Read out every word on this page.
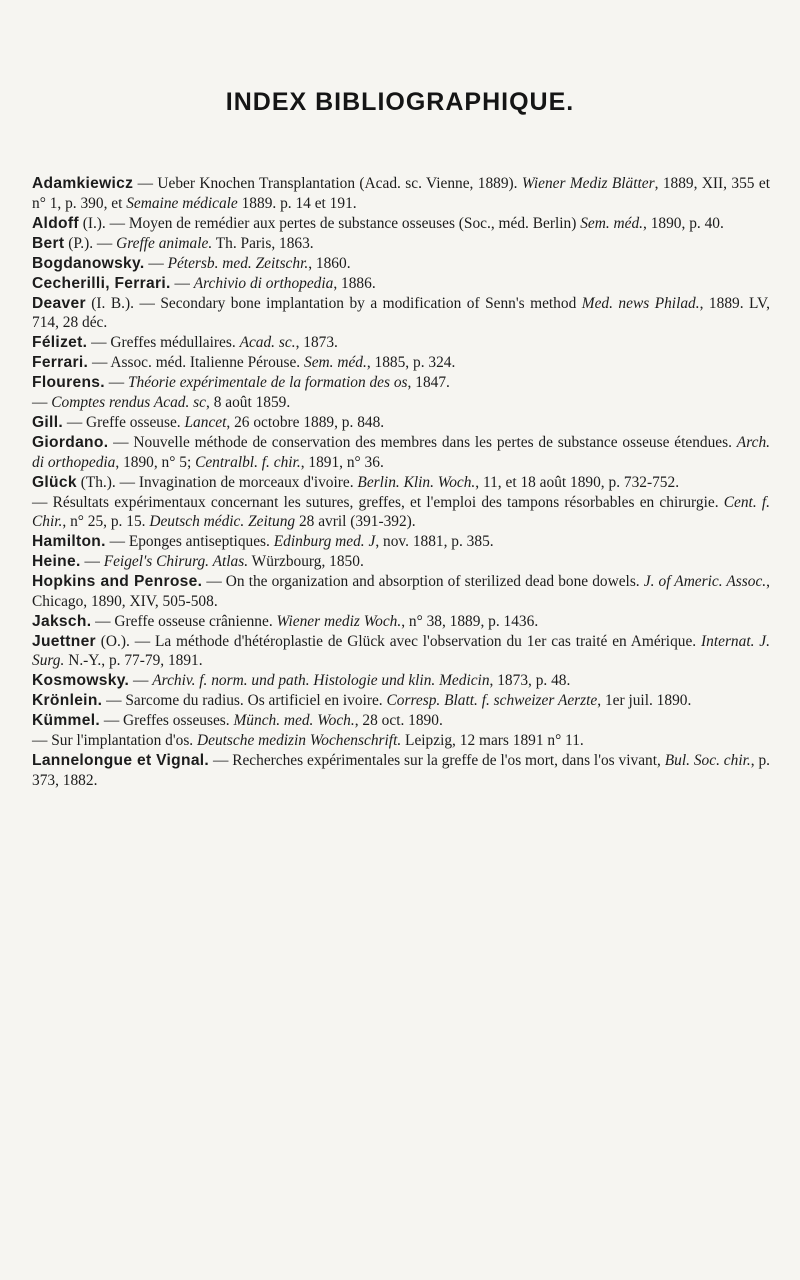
INDEX BIBLIOGRAPHIQUE.

Adamkiewicz — Ueber Knochen Transplantation (Acad. sc. Vienne, 1889). Wiener Mediz Blätter, 1889, XII, 355 et n° 1, p. 390, et Semaine médicale 1889. p. 14 et 191.

Aldoff (I.). — Moyen de remédier aux pertes de substance osseuses (Soc., méd. Berlin) Sem. méd., 1890, p. 40.

Bert (P.). — Greffe animale. Th. Paris, 1863.

Bogdanowsky. — Pétersb. med. Zeitschr., 1860.

Cecherilli, Ferrari. — Archivio di orthopedia, 1886.

Deaver (I. B.). — Secondary bone implantation by a modification of Senn's method Med. news Philad., 1889. LV, 714, 28 déc.

Félizet. — Greffes médullaires. Acad. sc., 1873.

Ferrari. — Assoc. méd. Italienne Pérouse. Sem. méd., 1885, p. 324.

Flourens. — Théorie expérimentale de la formation des os, 1847.

— Comptes rendus Acad. sc, 8 août 1859.

Gill. — Greffe osseuse. Lancet, 26 octobre 1889, p. 848.

Giordano. — Nouvelle méthode de conservation des membres dans les pertes de substance osseuse étendues. Arch. di orthopedia, 1890, n° 5; Centralbl. f. chir., 1891, n° 36.

Glück (Th.). — Invagination de morceaux d'ivoire. Berlin. Klin. Woch., 11, et 18 août 1890, p. 732-752.

— Résultats expérimentaux concernant les sutures, greffes, et l'emploi des tampons résorbables en chirurgie. Cent. f. Chir., n° 25, p. 15. Deutsch médic. Zeitung 28 avril (391-392).

Hamilton. — Eponges antiseptiques. Edinburg med. J, nov. 1881, p. 385.

Heine. — Feigel's Chirurg. Atlas. Würzbourg, 1850.

Hopkins and Penrose. — On the organization and absorption of sterilized dead bone dowels. J. of Americ. Assoc., Chicago, 1890, XIV, 505-508.

Jaksch. — Greffe osseuse crânienne. Wiener mediz Woch., n° 38, 1889, p. 1436.

Juettner (O.). — La méthode d'hétéroplastie de Glück avec l'observation du 1er cas traité en Amérique. Internat. J. Surg. N.-Y., p. 77-79, 1891.

Kosmowsky. — Archiv. f. norm. und path. Histologie und klin. Medicin, 1873, p. 48.

Krönlein. — Sarcome du radius. Os artificiel en ivoire. Corresp. Blatt. f. schweizer Aerzte, 1er juil. 1890.

Kümmel. — Greffes osseuses. Münch. med. Woch., 28 oct. 1890.

— Sur l'implantation d'os. Deutsche medizin Wochenschrift. Leipzig, 12 mars 1891 n° 11.

Lannelongue et Vignal. — Recherches expérimentales sur la greffe de l'os mort, dans l'os vivant, Bul. Soc. chir., p. 373, 1882.
